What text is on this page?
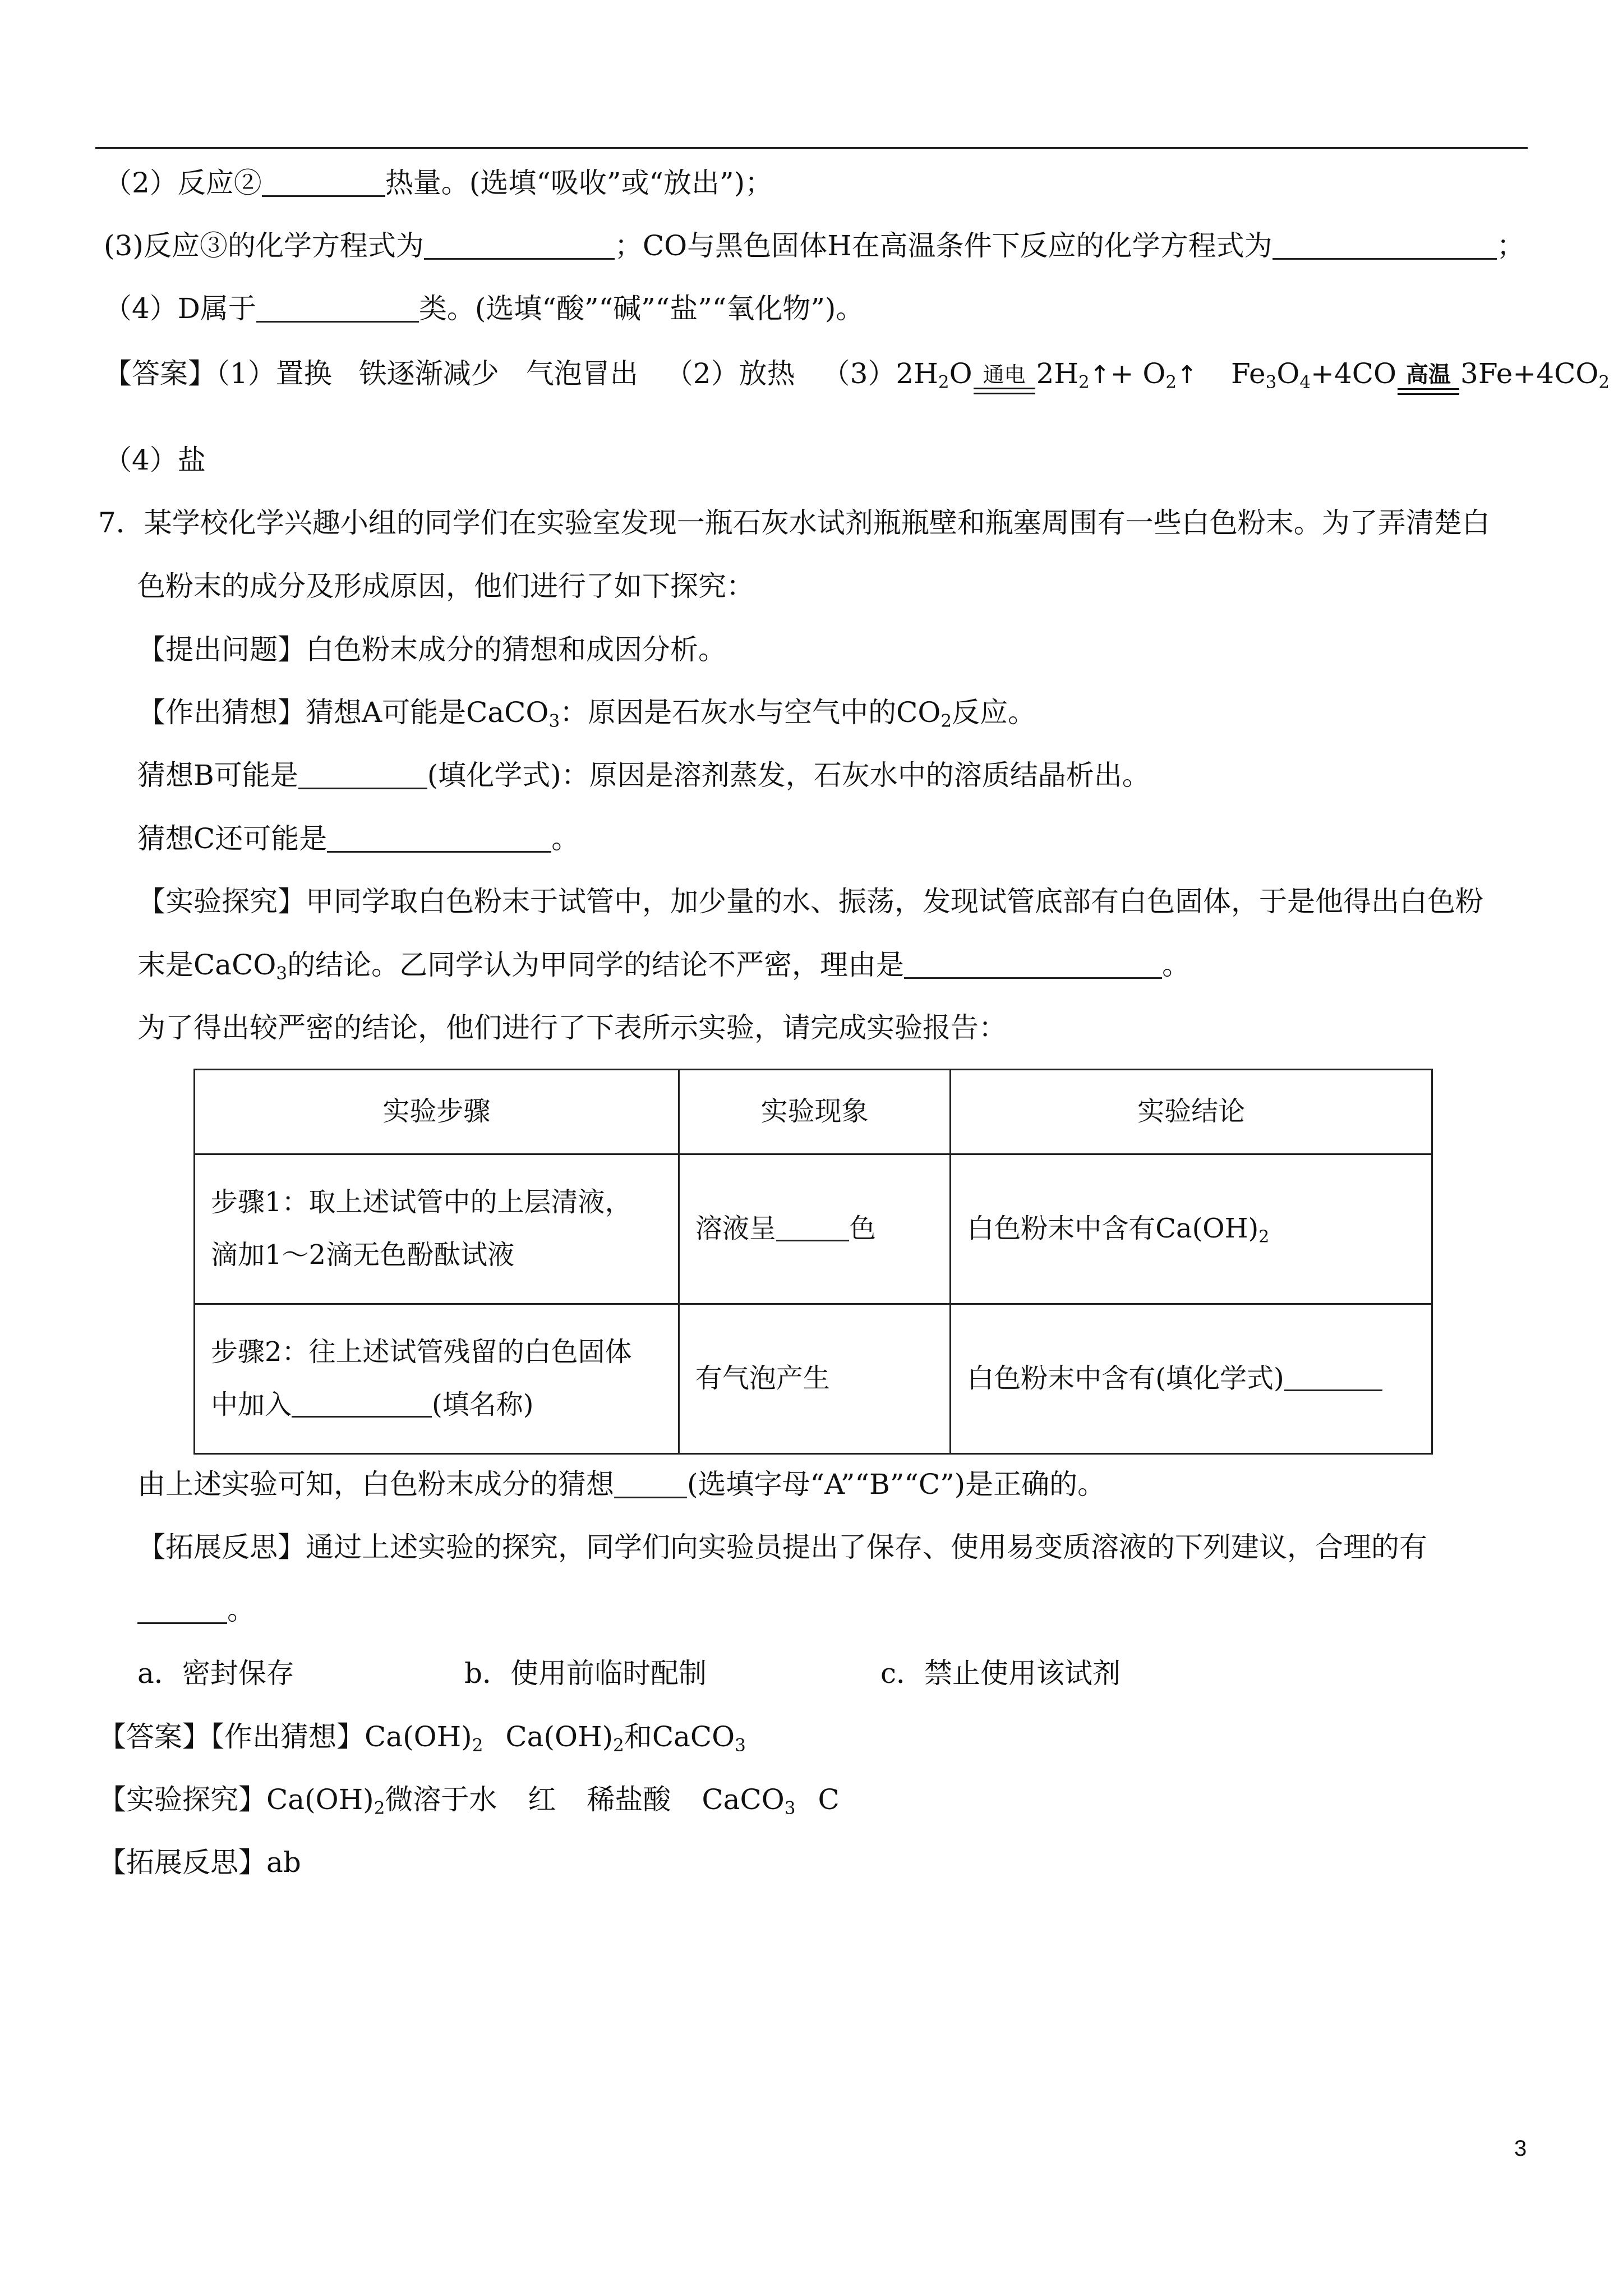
（2）反应②	热量。(选填“吸收”或“放出”)；
(3)反应③的化学方程式为	；CO与黑色固体H在高温条件下反应的化学方程式为	；
（4）D属于	类。(选填“酸”“碱”“盐”“氧化物”)。
【答案】（1）置换 铁逐渐减少 气泡冒出 （2）放热 $(3)2H_2O$ 通电 $2H_2↑+$ $O_2↑$ $Fe_3O_4+4CO$ 高温 $3Fe+4CO_2$
（4）盐
7．某学校化学兴趣小组的同学们在实验室发现一瓶石灰水试剂瓶瓶壁和瓶塞周围有一些白色粉末。为了弄清楚白
色粉末的成分及形成原因，他们进行了如下探究：
【提出问题】白色粉末成分的猜想和成因分析。
【作出猜想】猜想A可能是CaCO$_3$：原因是石灰水与空气中的$CO_2$反应。
猜想B可能是	(填化学式)：原因是溶剂蒸发，石灰水中的溶质结晶析出。
猜想C还可能是	。
【实验探究】甲同学取白色粉末于试管中，加少量的水、振荡，发现试管底部有白色固体，于是他得出白色粉
末是CaCO$_3$的结论。乙同学认为甲同学的结论不严密，理由是	。
为了得出较严密的结论，他们进行了下表所示实验，请完成实验报告：
实验步骤	实验现象	实验结论

步骤1：取上述试管中的上层清液，
滴加1～2滴无色酚酞试液	溶液呈 色	白色粉末中含有$Ca(OH)_2$

步骤2：往上述试管残留的白色固体
中加入 (填名称)	有气泡产生	白色粉末中含有(填化学式)
由上述实验可知，白色粉末成分的猜想	(选填字母“A”“B”“C”)是正确的。
【拓展反思】通过上述实验的探究，同学们向实验员提出了保存、使用易变质溶液的下列建议，合理的有
。
a．密封保存	b．使用前临时配制	c．禁止使用该试剂
【答案】【作出猜想】$Ca(OH)_2$ $Ca(OH)_2$和CaCO$_3$
【实验探究】$Ca(OH)_2$微溶于水 红 稀盐酸 CaCO$_3$ C
【拓展反思】ab
3
